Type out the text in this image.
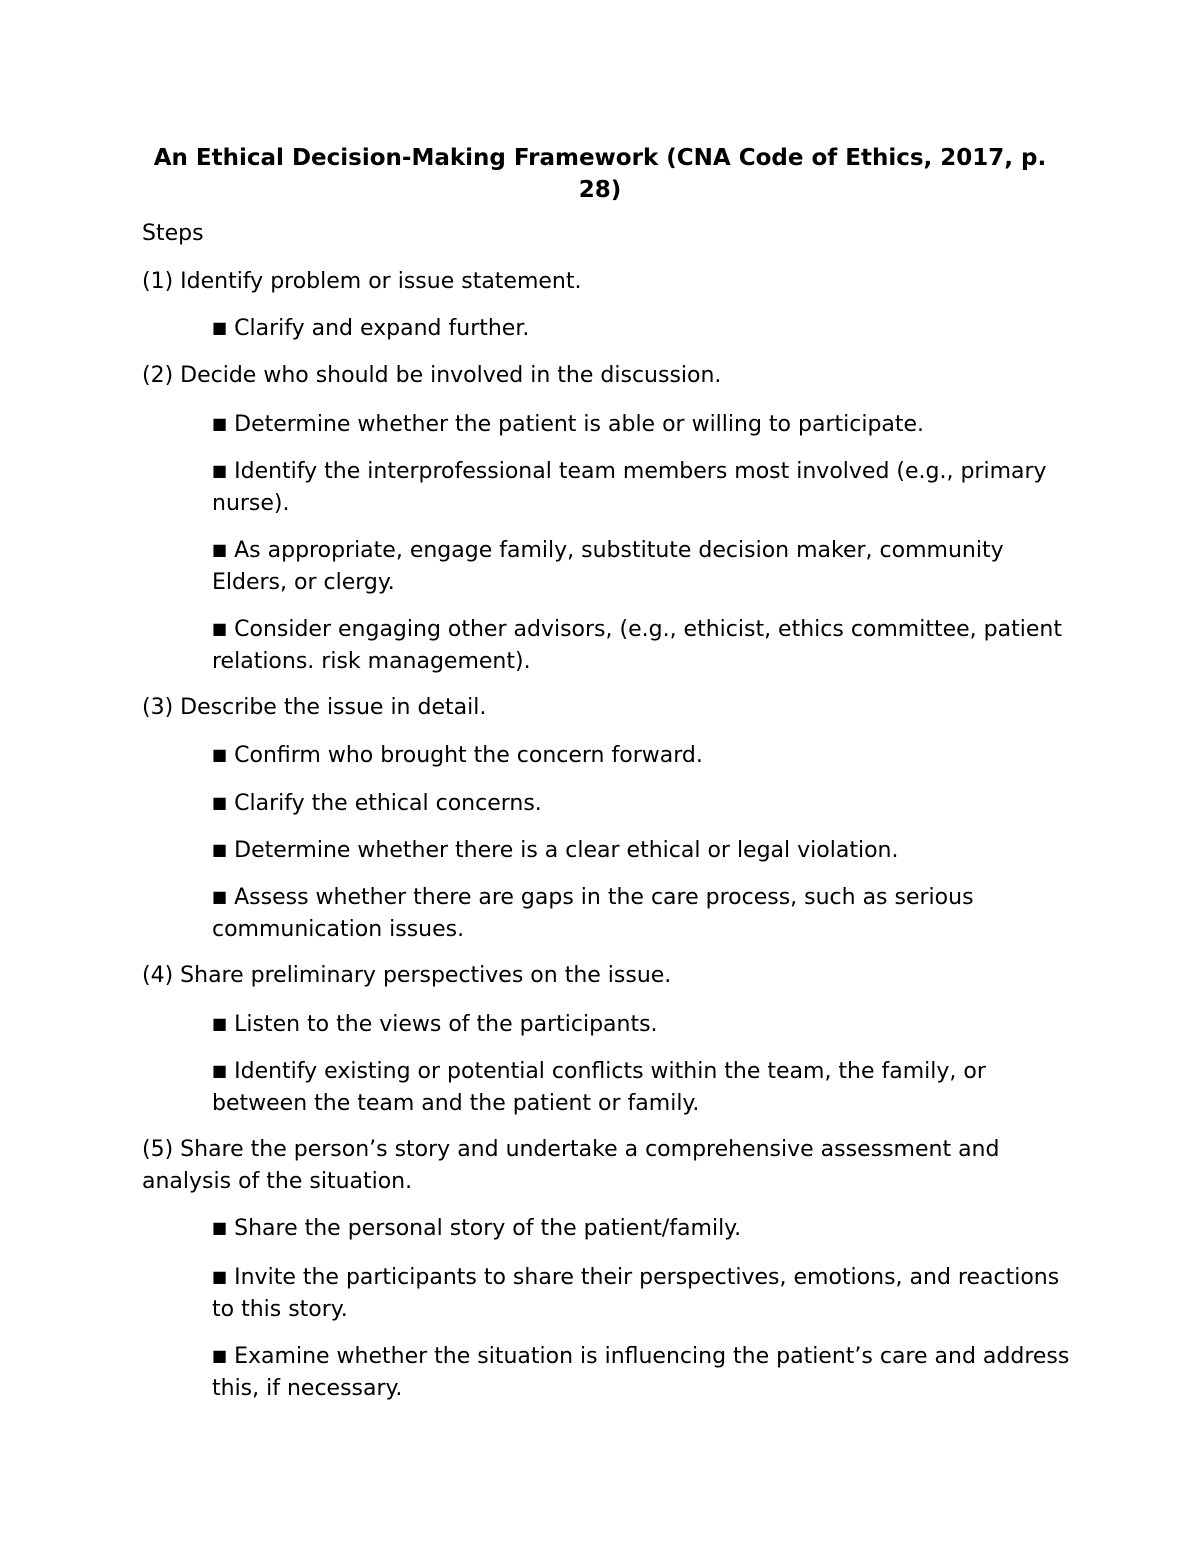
An Ethical Decision-Making Framework (CNA Code of Ethics, 2017, p. 28)

Steps

(1) Identify problem or issue statement.

■ Clarify and expand further.

(2) Decide who should be involved in the discussion.

■ Determine whether the patient is able or willing to participate.

■ Identify the interprofessional team members most involved (e.g., primary nurse).

■ As appropriate, engage family, substitute decision maker, community Elders, or clergy.

■ Consider engaging other advisors, (e.g., ethicist, ethics committee, patient relations. risk management).

(3) Describe the issue in detail.

■ Confirm who brought the concern forward.

■ Clarify the ethical concerns.

■ Determine whether there is a clear ethical or legal violation.

■ Assess whether there are gaps in the care process, such as serious communication issues.

(4) Share preliminary perspectives on the issue.

■ Listen to the views of the participants.

■ Identify existing or potential conflicts within the team, the family, or between the team and the patient or family.

(5) Share the person’s story and undertake a comprehensive assessment and analysis of the situation.

■ Share the personal story of the patient/family.

■ Invite the participants to share their perspectives, emotions, and reactions to this story.

■ Examine whether the situation is influencing the patient’s care and address this, if necessary.
